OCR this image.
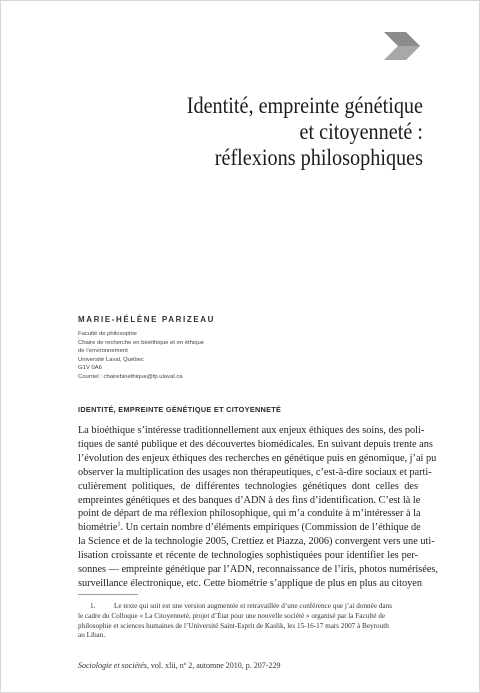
Identité, empreinte génétique
et citoyenneté :
réflexions philosophiques
MARIE-HÉLÈNE PARIZEAU
Faculté de philosophie
Chaire de recherche en bioéthique et en éthique
de l’environnement
Université Laval, Québec
G1V 0A6
Courriel : chairebioethique@fp.ulaval.ca
IDENTITÉ, EMPREINTE GÉNÉTIQUE ET CITOYENNETÉ
La bioéthique s’intéresse traditionnellement aux enjeux éthiques des soins, des poli-
tiques de santé publique et des découvertes biomédicales. En suivant depuis trente ans
l’évolution des enjeux éthiques des recherches en génétique puis en génomique, j’ai pu
observer la multiplication des usages non thérapeutiques, c’est-à-dire sociaux et parti-
culièrement politiques, de différentes technologies génétiques dont celles des
empreintes génétiques et des banques d’ADN à des fins d’identification. C’est là le
point de départ de ma réflexion philosophique, qui m’a conduite à m’intéresser à la
biométrie$^1$. Un certain nombre d’éléments empiriques (Commission de l’éthique de
la Science et de la technologie 2005, Crettiez et Piazza, 2006) convergent vers une uti-
lisation croissante et récente de technologies sophistiquées pour identifier les per-
sonnes — empreinte génétique par l’ADN, reconnaissance de l’iris, photos numérisées,
surveillance électronique, etc. Cette biométrie s’applique de plus en plus au citoyen
1.	Le texte qui suit est une version augmentée et retravaillée d’une conférence que j’ai donnée dans
le cadre du Colloque « La Citoyenneté, projet d’État pour une nouvelle société » organisé par la Faculté de
philosophie et sciences humaines de l’Université Saint-Esprit de Kaslik, les 15-16-17 mars 2007 à Beyrouth
au Liban.
Sociologie et sociétés, vol. xlii, nº 2, automne 2010, p. 207-229
